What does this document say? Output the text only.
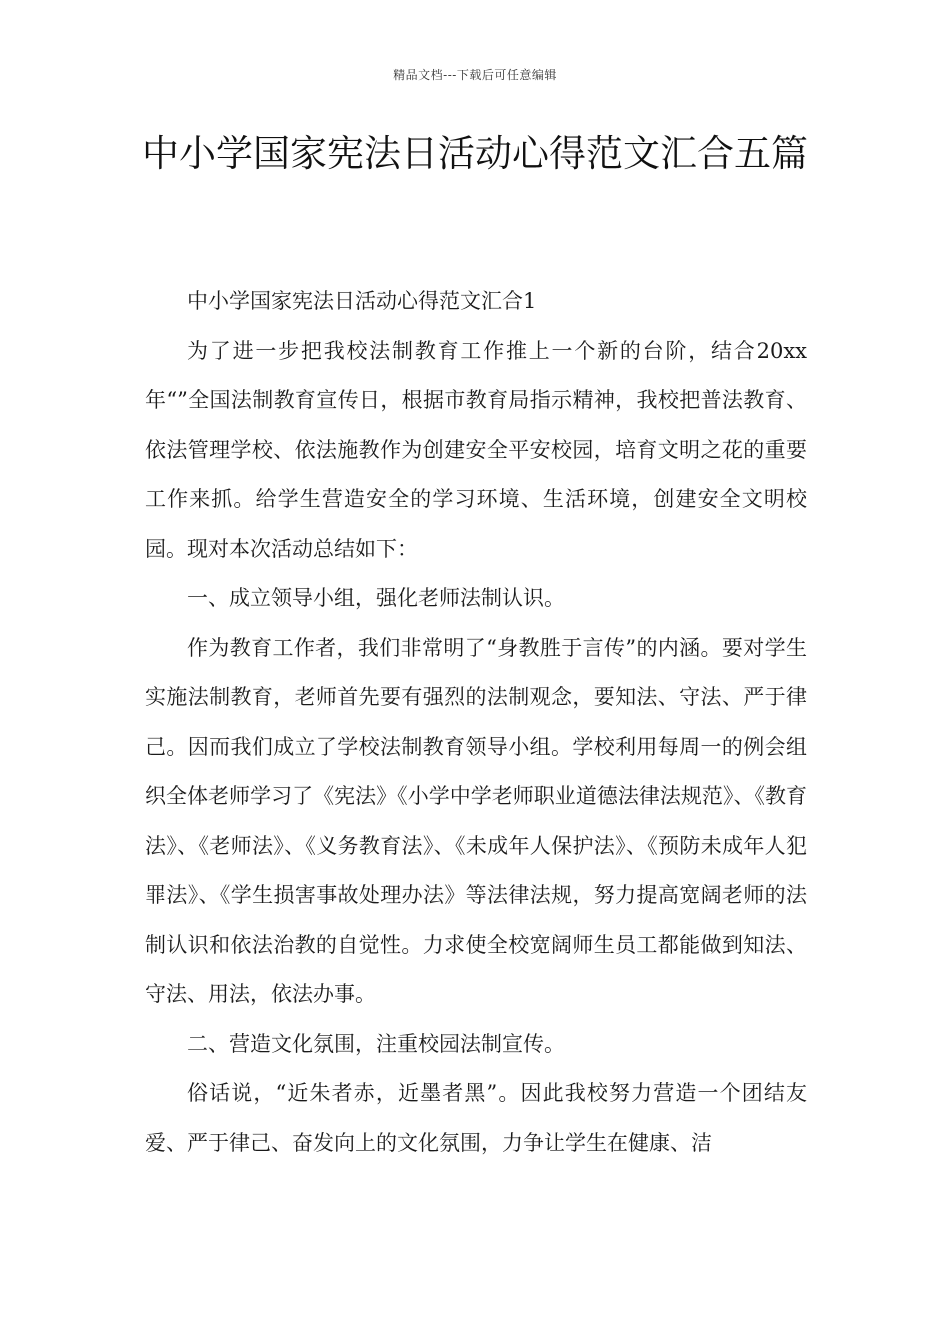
精品文档---下载后可任意编辑
中小学国家宪法日活动心得范文汇合五篇

中小学国家宪法日活动心得范文汇合1

为了进一步把我校法制教育工作推上一个新的台阶，结合20xx年“”全国法制教育宣传日，根据市教育局指示精神，我校把普法教育、依法管理学校、依法施教作为创建安全平安校园，培育文明之花的重要工作来抓。给学生营造安全的学习环境、生活环境，创建安全文明校园。现对本次活动总结如下：

一、成立领导小组，强化老师法制认识。

作为教育工作者，我们非常明了“身教胜于言传”的内涵。要对学生实施法制教育，老师首先要有强烈的法制观念，要知法、守法、严于律己。因而我们成立了学校法制教育领导小组。学校利用每周一的例会组织全体老师学习了《宪法》《小学中学老师职业道德法律法规范》、《教育法》、《老师法》、《义务教育法》、《未成年人保护法》、《预防未成年人犯罪法》、《学生损害事故处理办法》等法律法规，努力提高宽阔老师的法制认识和依法治教的自觉性。力求使全校宽阔师生员工都能做到知法、守法、用法，依法办事。

二、营造文化氛围，注重校园法制宣传。

俗话说，“近朱者赤，近墨者黑”。因此我校努力营造一个团结友爱、严于律己、奋发向上的文化氛围，力争让学生在健康、洁
